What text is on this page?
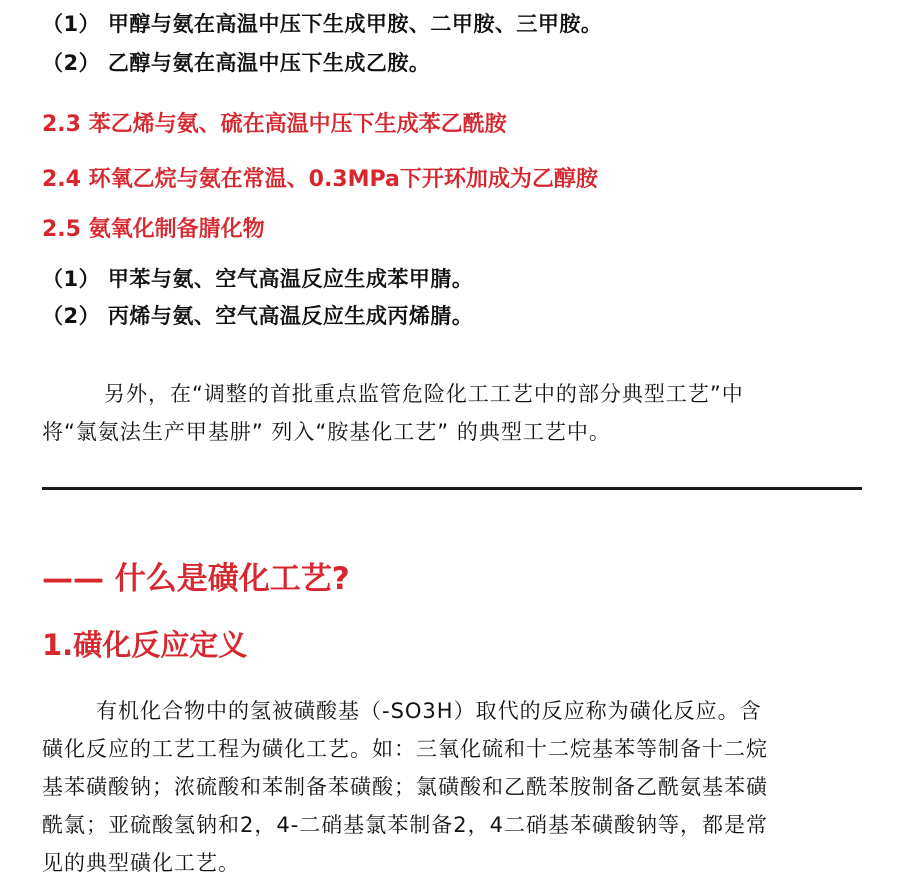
（1） 甲醇与氨在高温中压下生成甲胺、二甲胺、三甲胺。
（2） 乙醇与氨在高温中压下生成乙胺。
2.3 苯乙烯与氨、硫在高温中压下生成苯乙酰胺
2.4 环氧乙烷与氨在常温、0.3MPa下开环加成为乙醇胺
2.5 氨氧化制备腈化物
（1） 甲苯与氨、空气高温反应生成苯甲腈。
（2） 丙烯与氨、空气高温反应生成丙烯腈。
另外，在“调整的首批重点监管危险化工工艺中的部分典型工艺”中
将“氯氨法生产甲基肼” 列入“胺基化工艺” 的典型工艺中。
—— 什么是磺化工艺?
1.磺化反应定义
有机化合物中的氢被磺酸基（-SO3H）取代的反应称为磺化反应。含
磺化反应的工艺工程为磺化工艺。如：三氧化硫和十二烷基苯等制备十二烷
基苯磺酸钠；浓硫酸和苯制备苯磺酸；氯磺酸和乙酰苯胺制备乙酰氨基苯磺
酰氯；亚硫酸氢钠和2，4-二硝基氯苯制备2，4二硝基苯磺酸钠等，都是常
见的典型磺化工艺。
